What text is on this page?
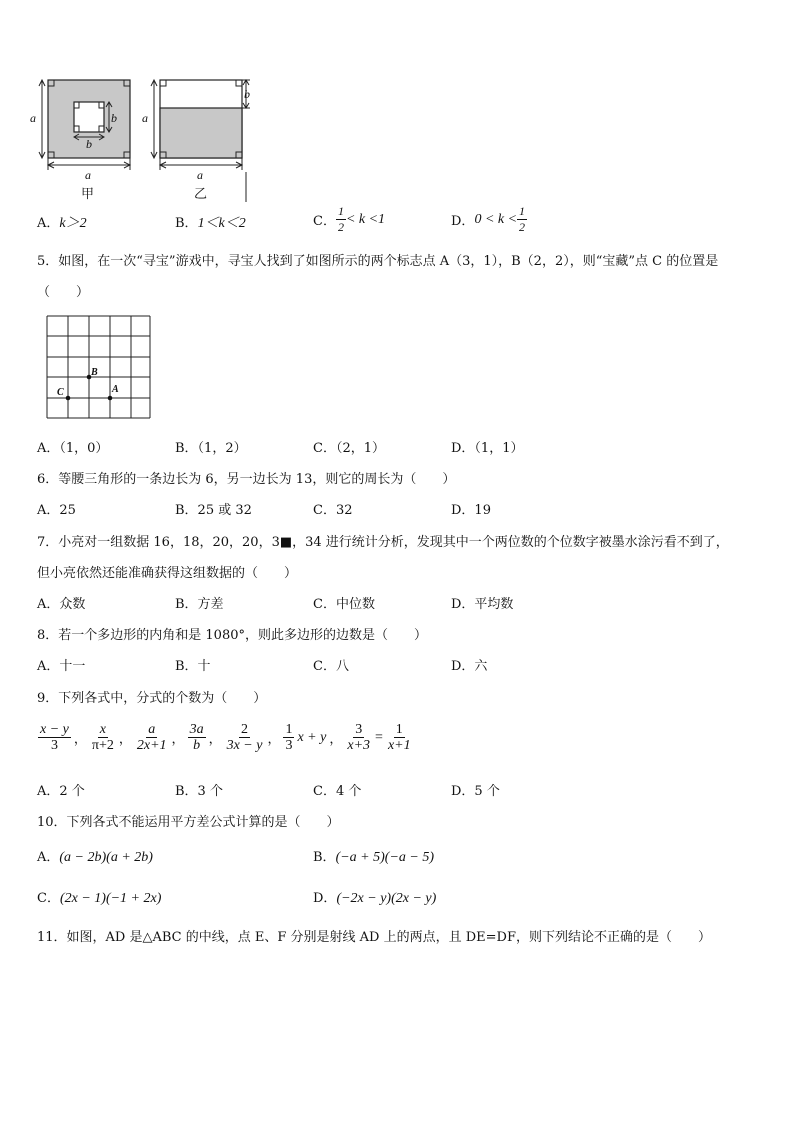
a
a
b
b
a
a
b
甲	乙
A．k＞2	B．1＜k＜2	C． $\frac{1}{2} < k <1$	D． $0 < k < \frac{1}{2}$
5．如图，在一次“寻宝”游戏中，寻宝人找到了如图所示的两个标志点 A（3，1），B（2，2），则“宝藏”点 C 的位置是
（　　）
C
B
A
A．（1，0）	B．（1，2）	C．（2，1）	D．（1，1）
6．等腰三角形的一条边长为 6，另一边长为 13，则它的周长为（　　）
A．25	B．25 或 32	C．32	D．19
7．小亮对一组数据 16，18，20，20，3■，34 进行统计分析，发现其中一个两位数的个位数字被墨水涂污看不到了，
但小亮依然还能准确获得这组数据的（　　）
A．众数	B．方差	C．中位数	D．平均数
8．若一个多边形的内角和是 1080°，则此多边形的边数是（　　）
A．十一	B．十	C．八	D．六
9．下列各式中，分式的个数为（　　）
$\frac{x - y}{3}$ ， $\frac{x}{\pi+2}$ ， $\frac{a}{2x+1}$ ， $\frac{3a}{b}$ ， $\frac{2}{3x - y}$ ， $\frac{1}{3}$ x + y ， $\frac{3}{x+3} = \frac{1}{x+1}$
A．2 个	B．3 个	C．4 个	D．5 个
10．下列各式不能运用平方差公式计算的是（　　）
A．(a − 2b)(a + 2b)	B．(−a + 5)(−a − 5)
C．(2x − 1)(−1 + 2x)	D．(−2x − y)(2x − y)
11．如图，AD 是△ABC 的中线，点 E、F 分别是射线 AD 上的两点，且 DE=DF，则下列结论不正确的是（　　）
